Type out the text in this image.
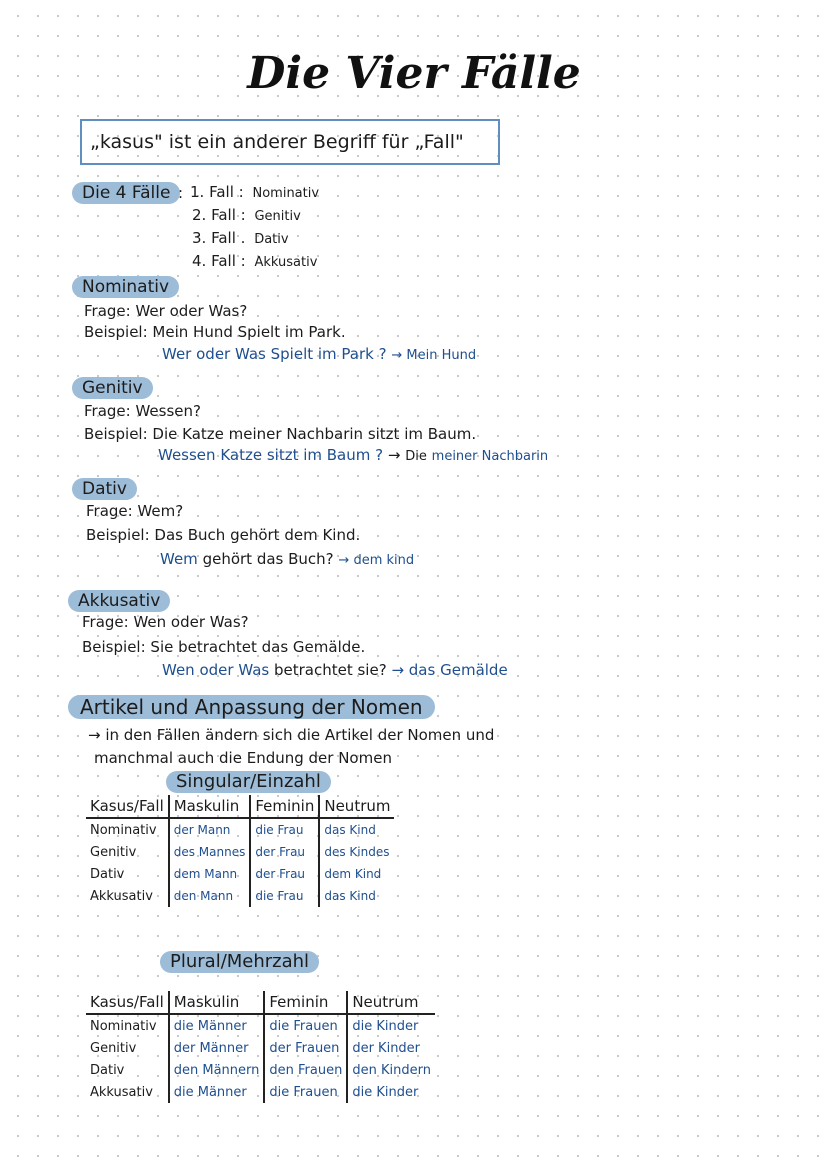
Die Vier Fälle
„kasus" ist ein anderer Begriff für „Fall"
Die 4 Fälle : 1. Fall : Nominativ
2. Fall : Genitiv
3. Fall . Dativ
4. Fall : Akkusativ
Nominativ
Frage: Wer oder Was?
Beispiel: Mein Hund Spielt im Park.
Wer oder Was Spielt im Park ? → Mein Hund
Genitiv
Frage: Wessen?
Beispiel: Die Katze meiner Nachbarin sitzt im Baum.
Wessen Katze sitzt im Baum ? → Die meiner Nachbarin
Dativ
Frage: Wem?
Beispiel: Das Buch gehört dem Kind.
Wem gehört das Buch? → dem kind
Akkusativ
Frage: Wen oder Was?
Beispiel: Sie betrachtet das Gemälde.
Wen oder Was betrachtet sie? → das Gemälde
Artikel und Anpassung der Nomen
→ in den Fällen ändern sich die Artikel der Nomen und
manchmal auch die Endung der Nomen
Singular/Einzahl
Kasus/Fall	Maskulin	Feminin	Neutrum
Nominativ	der Mann	die Frau	das Kind
Genitiv	des Mannes	der Frau	des Kindes
Dativ	dem Mann	der Frau	dem Kind
Akkusativ	den Mann	die Frau	das Kind
Plural/Mehrzahl
Kasus/Fall	Maskulin	Feminin	Neutrum
Nominativ	die Männer	die Frauen	die Kinder
Genitiv	der Männer	der Frauen	der Kinder
Dativ	den Männern	den Frauen	den Kindern
Akkusativ	die Männer	die Frauen	die Kinder
